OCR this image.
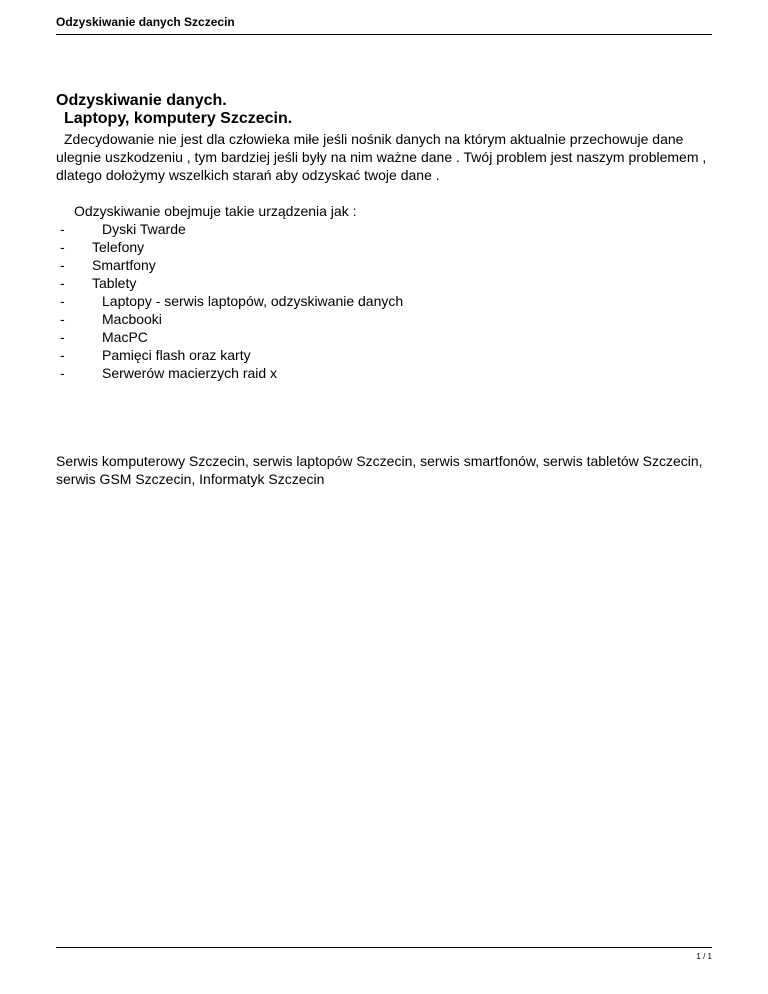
Odzyskiwanie danych Szczecin
Odzyskiwanie danych.
Laptopy, komputery Szczecin.
Zdecydowanie nie jest dla człowieka miłe jeśli nośnik danych na którym aktualnie przechowuje dane ulegnie uszkodzeniu , tym bardziej jeśli były na nim ważne dane . Twój problem jest naszym problemem , dlatego dołożymy wszelkich starań aby odzyskać twoje dane .
Odzyskiwanie obejmuje takie urządzenia jak :
-	Dyski Twarde
- Telefony
- Smartfony
- Tablety
-	Laptopy - serwis laptopów, odzyskiwanie danych
-	Macbooki
-	MacPC
-	Pamięci flash oraz karty
-	Serwerów macierzych raid x
Serwis komputerowy Szczecin, serwis laptopów Szczecin, serwis smartfonów, serwis tabletów Szczecin, serwis GSM Szczecin, Informatyk Szczecin
1 / 1
